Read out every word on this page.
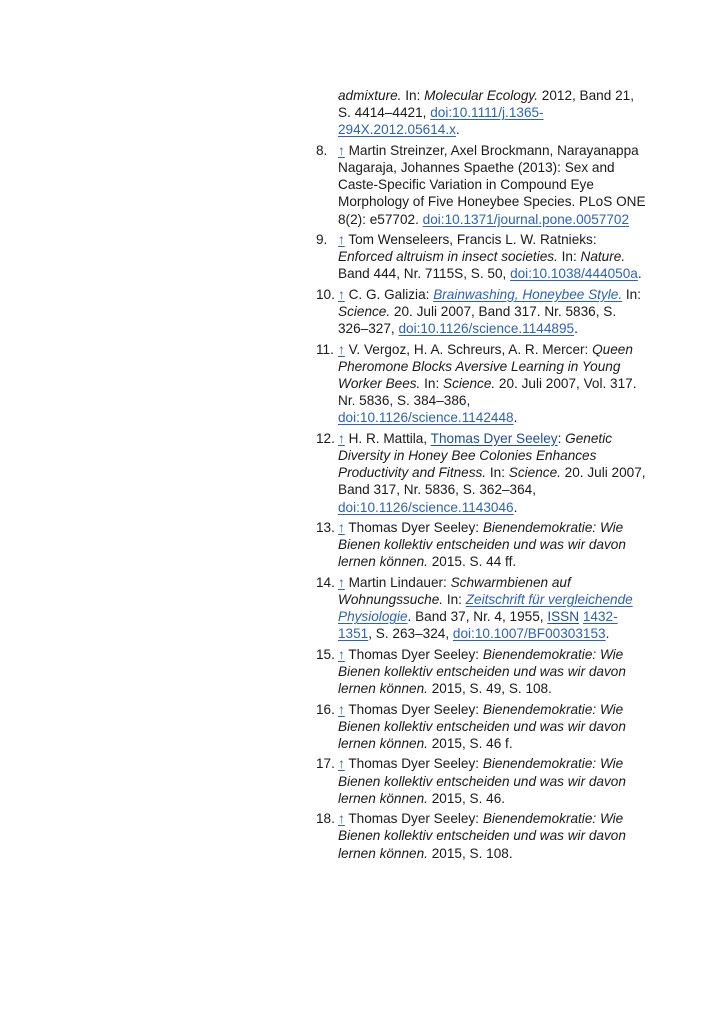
admixture. In: Molecular Ecology. 2012, Band 21, S. 4414–4421, doi:10.1111/j.1365-294X.2012.05614.x.
8. ↑ Martin Streinzer, Axel Brockmann, Narayanappa Nagaraja, Johannes Spaethe (2013): Sex and Caste-Specific Variation in Compound Eye Morphology of Five Honeybee Species. PLoS ONE 8(2): e57702. doi:10.1371/journal.pone.0057702
9. ↑ Tom Wenseleers, Francis L. W. Ratnieks: Enforced altruism in insect societies. In: Nature. Band 444, Nr. 7115S, S. 50, doi:10.1038/444050a.
10. ↑ C. G. Galizia: Brainwashing, Honeybee Style. In: Science. 20. Juli 2007, Band 317. Nr. 5836, S. 326–327, doi:10.1126/science.1144895.
11. ↑ V. Vergoz, H. A. Schreurs, A. R. Mercer: Queen Pheromone Blocks Aversive Learning in Young Worker Bees. In: Science. 20. Juli 2007, Vol. 317. Nr. 5836, S. 384–386, doi:10.1126/science.1142448.
12. ↑ H. R. Mattila, Thomas Dyer Seeley: Genetic Diversity in Honey Bee Colonies Enhances Productivity and Fitness. In: Science. 20. Juli 2007, Band 317, Nr. 5836, S. 362–364, doi:10.1126/science.1143046.
13. ↑ Thomas Dyer Seeley: Bienendemokratie: Wie Bienen kollektiv entscheiden und was wir davon lernen können. 2015. S. 44 ff.
14. ↑ Martin Lindauer: Schwarmbienen auf Wohnungssuche. In: Zeitschrift für vergleichende Physiologie. Band 37, Nr. 4, 1955, ISSN 1432-1351, S. 263–324, doi:10.1007/BF00303153.
15. ↑ Thomas Dyer Seeley: Bienendemokratie: Wie Bienen kollektiv entscheiden und was wir davon lernen können. 2015, S. 49, S. 108.
16. ↑ Thomas Dyer Seeley: Bienendemokratie: Wie Bienen kollektiv entscheiden und was wir davon lernen können. 2015, S. 46 f.
17. ↑ Thomas Dyer Seeley: Bienendemokratie: Wie Bienen kollektiv entscheiden und was wir davon lernen können. 2015, S. 46.
18. ↑ Thomas Dyer Seeley: Bienendemokratie: Wie Bienen kollektiv entscheiden und was wir davon lernen können. 2015, S. 108.
